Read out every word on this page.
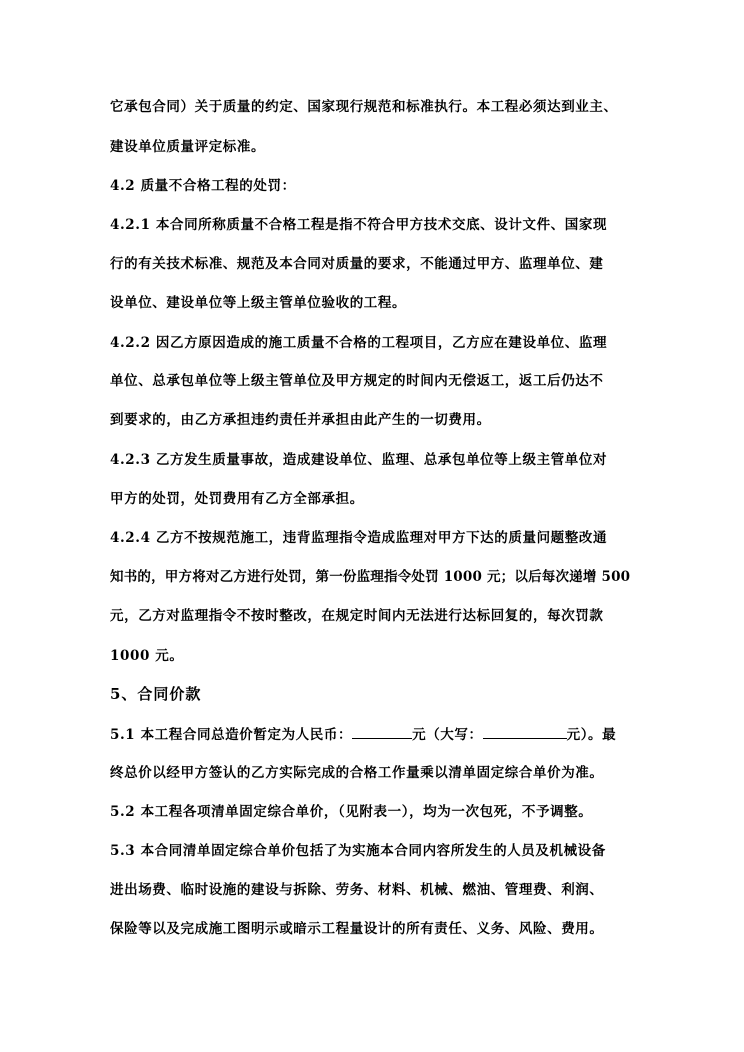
它承包合同）关于质量的约定、国家现行规范和标准执行。本工程必须达到业主、
建设单位质量评定标准。
4.2 质量不合格工程的处罚：
4.2.1 本合同所称质量不合格工程是指不符合甲方技术交底、设计文件、国家现
行的有关技术标准、规范及本合同对质量的要求，不能通过甲方、监理单位、建
设单位、建设单位等上级主管单位验收的工程。
4.2.2 因乙方原因造成的施工质量不合格的工程项目，乙方应在建设单位、监理
单位、总承包单位等上级主管单位及甲方规定的时间内无偿返工，返工后仍达不
到要求的，由乙方承担违约责任并承担由此产生的一切费用。
4.2.3 乙方发生质量事故，造成建设单位、监理、总承包单位等上级主管单位对
甲方的处罚，处罚费用有乙方全部承担。
4.2.4 乙方不按规范施工，违背监理指令造成监理对甲方下达的质量问题整改通
知书的，甲方将对乙方进行处罚，第一份监理指令处罚 1000 元；以后每次递增 500
元，乙方对监理指令不按时整改，在规定时间内无法进行达标回复的，每次罚款
1000 元。
5、合同价款
5.1 本工程合同总造价暂定为人民币：	元（大写：	元）。最
终总价以经甲方签认的乙方实际完成的合格工作量乘以清单固定综合单价为准。
5.2 本工程各项清单固定综合单价，（见附表一），均为一次包死，不予调整。
5.3 本合同清单固定综合单价包括了为实施本合同内容所发生的人员及机械设备
进出场费、临时设施的建设与拆除、劳务、材料、机械、燃油、管理费、利润、
保险等以及完成施工图明示或暗示工程量设计的所有责任、义务、风险、费用。
